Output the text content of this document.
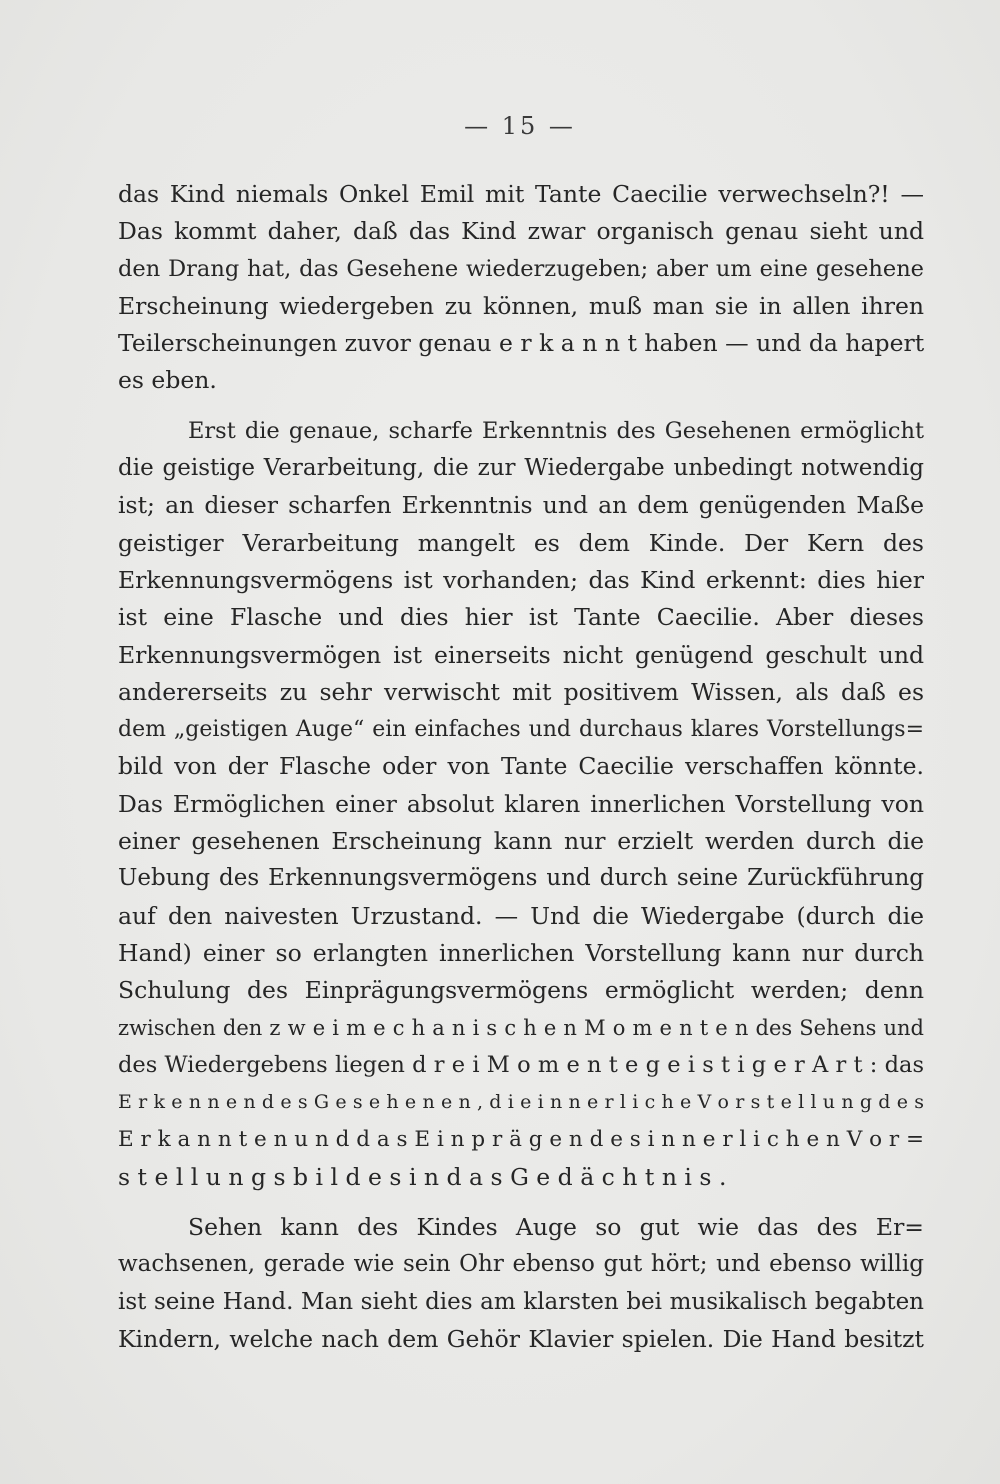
— 15 —
das Kind niemals Onkel Emil mit Tante Caecilie verwechseln?! —
Das kommt daher, daß das Kind zwar organisch genau sieht und
den Drang hat, das Gesehene wiederzugeben; aber um eine gesehene
Erscheinung wiedergeben zu können, muß man sie in allen ihren
Teilerscheinungen zuvor genau e r k a n n t haben — und da hapert
es eben.
Erst die genaue, scharfe Erkenntnis des Gesehenen ermöglicht
die geistige Verarbeitung, die zur Wiedergabe unbedingt notwendig
ist; an dieser scharfen Erkenntnis und an dem genügenden Maße
geistiger Verarbeitung mangelt es dem Kinde. Der Kern des
Erkennungsvermögens ist vorhanden; das Kind erkennt: dies hier
ist eine Flasche und dies hier ist Tante Caecilie. Aber dieses
Erkennungsvermögen ist einerseits nicht genügend geschult und
andererseits zu sehr verwischt mit positivem Wissen, als daß es
dem „geistigen Auge“ ein einfaches und durchaus klares Vorstellungs=
bild von der Flasche oder von Tante Caecilie verschaffen könnte.
Das Ermöglichen einer absolut klaren innerlichen Vorstellung von
einer gesehenen Erscheinung kann nur erzielt werden durch die
Uebung des Erkennungsvermögens und durch seine Zurückführung
auf den naivesten Urzustand. — Und die Wiedergabe (durch die
Hand) einer so erlangten innerlichen Vorstellung kann nur durch
Schulung des Einprägungsvermögens ermöglicht werden; denn
zwischen den z w e i m e c h a n i s c h e n M o m e n t e n des Sehens und
des Wiedergebens liegen d r e i M o m e n t e g e i s t i g e r A r t : das
E r k e n n e n d e s G e s e h e n e n , d i e i n n e r l i c h e V o r s t e l l u n g d e s
E r k a n n t e n u n d d a s E i n p r ä g e n d e s i n n e r l i c h e n V o r =
s t e l l u n g s b i l d e s i n d a s G e d ä c h t n i s .
Sehen kann des Kindes Auge so gut wie das des Er=
wachsenen, gerade wie sein Ohr ebenso gut hört; und ebenso willig
ist seine Hand. Man sieht dies am klarsten bei musikalisch begabten
Kindern, welche nach dem Gehör Klavier spielen. Die Hand besitzt
